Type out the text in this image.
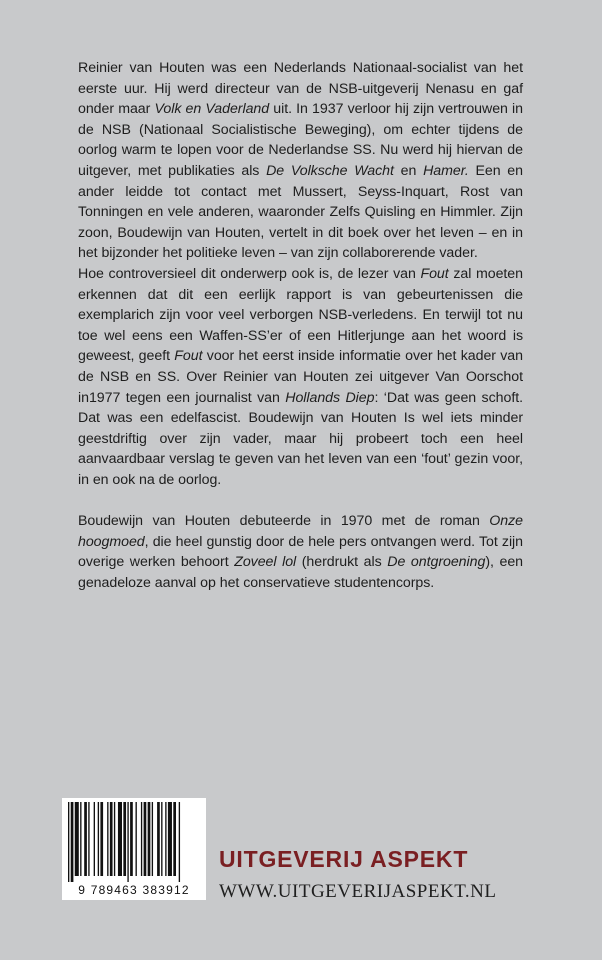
Reinier van Houten was een Nederlands Nationaal-socialist van het eerste uur. Hij werd directeur van de NSB-uitgeverij Nenasu en gaf onder maar Volk en Vaderland uit. In 1937 verloor hij zijn vertrouwen in de NSB (Nationaal Socialistische Beweging), om echter tijdens de oorlog warm te lopen voor de Nederlandse SS. Nu werd hij hiervan de uitgever, met publikaties als De Volksche Wacht en Hamer. Een en ander leidde tot contact met Mussert, Seyss-Inquart, Rost van Tonningen en vele anderen, waaronder Zelfs Quisling en Himmler. Zijn zoon, Boudewijn van Houten, vertelt in dit boek over het leven – en in het bijzonder het politieke leven – van zijn collaborerende vader.

Hoe controversieel dit onderwerp ook is, de lezer van Fout zal moeten erkennen dat dit een eerlijk rapport is van gebeurtenissen die exemplarich zijn voor veel verborgen NSB-verledens. En terwijl tot nu toe wel eens een Waffen-SS’er of een Hitlerjunge aan het woord is geweest, geeft Fout voor het eerst inside informatie over het kader van de NSB en SS. Over Reinier van Houten zei uitgever Van Oorschot in1977 tegen een journalist van Hollands Diep: ‘Dat was geen schoft. Dat was een edelfascist. Boudewijn van Houten Is wel iets minder geestdriftig over zijn vader, maar hij probeert toch een heel aanvaardbaar verslag te geven van het leven van een ‘fout’ gezin voor, in en ook na de oorlog.

Boudewijn van Houten debuteerde in 1970 met de roman Onze hoogmoed, die heel gunstig door de hele pers ontvangen werd. Tot zijn overige werken behoort Zoveel lol (herdrukt als De ontgroening), een genadeloze aanval op het conservatieve studentencorps.

9 789463 383912
UITGEVERIJ ASPEKT
WWW.UITGEVERIJASPEKT.NL
